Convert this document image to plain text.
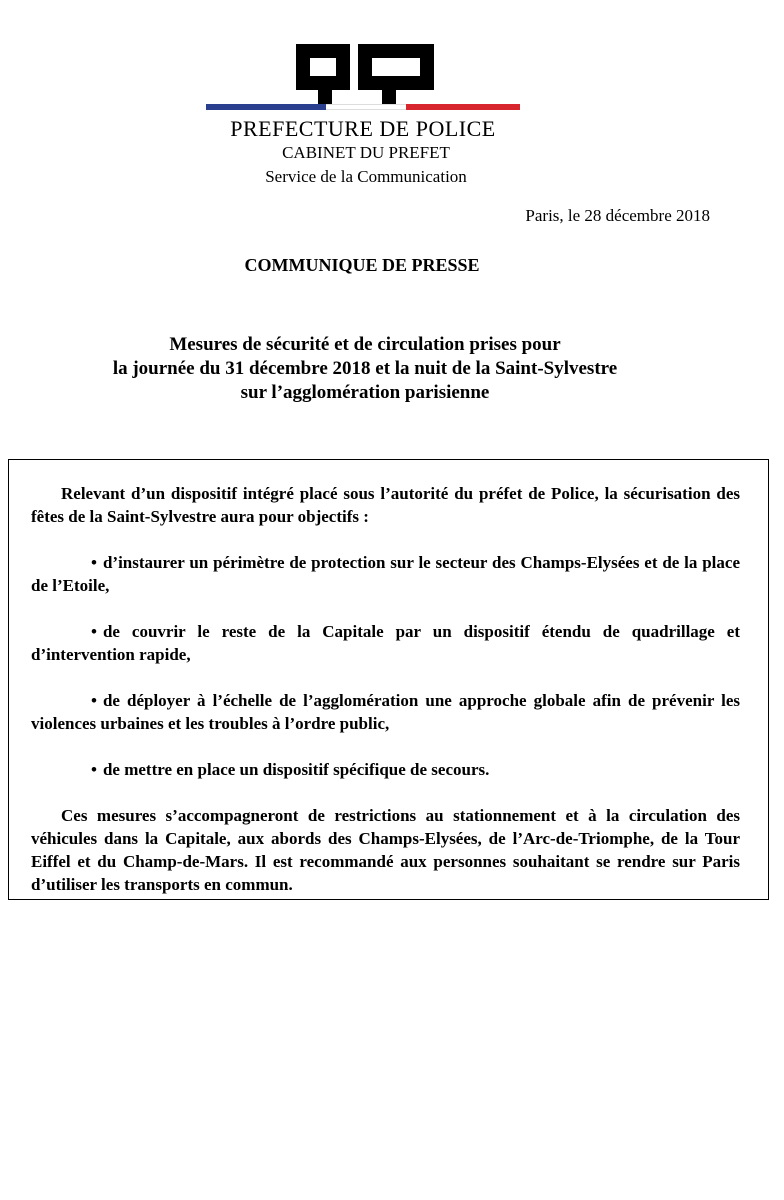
PREFECTURE DE POLICE
CABINET DU PREFET
Service de la Communication
Paris, le 28 décembre 2018
COMMUNIQUE DE PRESSE
Mesures de sécurité et de circulation prises pour
la journée du 31 décembre 2018 et la nuit de la Saint-Sylvestre
sur l’agglomération parisienne

Relevant d’un dispositif intégré placé sous l’autorité du préfet de Police, la sécurisation des fêtes de la Saint-Sylvestre aura pour objectifs :

• d’instaurer un périmètre de protection sur le secteur des Champs-Elysées et de la place de l’Etoile,

• de couvrir le reste de la Capitale par un dispositif étendu de quadrillage et d’intervention rapide,

• de déployer à l’échelle de l’agglomération une approche globale afin de prévenir les violences urbaines et les troubles à l’ordre public,

• de mettre en place un dispositif spécifique de secours.

Ces mesures s’accompagneront de restrictions au stationnement et à la circulation des véhicules dans la Capitale, aux abords des Champs-Elysées, de l’Arc-de-Triomphe, de la Tour Eiffel et du Champ-de-Mars. Il est recommandé aux personnes souhaitant se rendre sur Paris d’utiliser les transports en commun.
